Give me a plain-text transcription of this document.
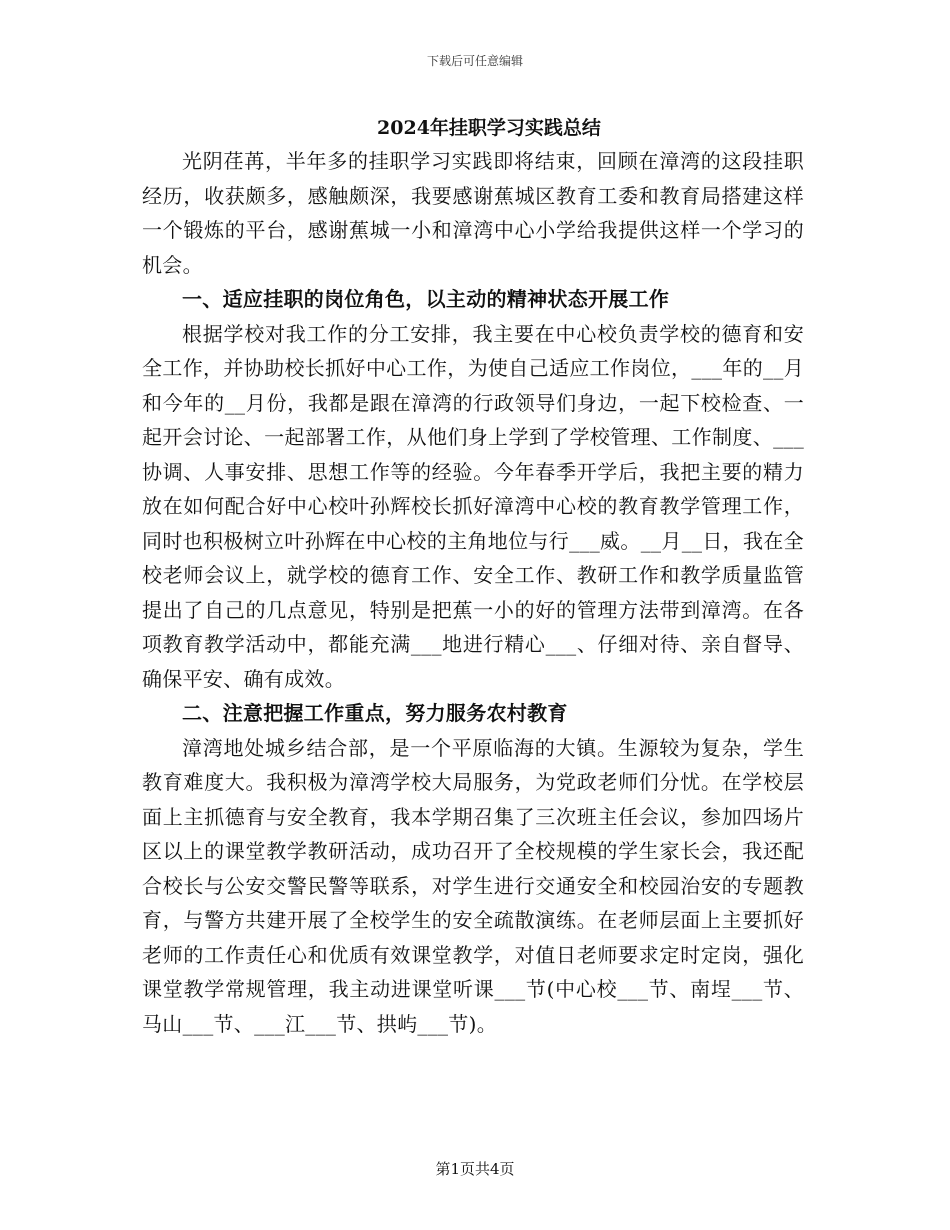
下载后可任意编辑
2024年挂职学习实践总结

光阴荏苒，半年多的挂职学习实践即将结束，回顾在漳湾的这段挂职经历，收获颇多，感触颇深，我要感谢蕉城区教育工委和教育局搭建这样一个锻炼的平台，感谢蕉城一小和漳湾中心小学给我提供这样一个学习的机会。

一、适应挂职的岗位角色，以主动的精神状态开展工作

根据学校对我工作的分工安排，我主要在中心校负责学校的德育和安全工作，并协助校长抓好中心工作，为使自己适应工作岗位，___年的__月和今年的__月份，我都是跟在漳湾的行政领导们身边，一起下校检查、一起开会讨论、一起部署工作，从他们身上学到了学校管理、工作制度、___协调、人事安排、思想工作等的经验。今年春季开学后，我把主要的精力放在如何配合好中心校叶孙辉校长抓好漳湾中心校的教育教学管理工作，同时也积极树立叶孙辉在中心校的主角地位与行___威。__月__日，我在全校老师会议上，就学校的德育工作、安全工作、教研工作和教学质量监管提出了自己的几点意见，特别是把蕉一小的好的管理方法带到漳湾。在各项教育教学活动中，都能充满___地进行精心___、仔细对待、亲自督导、确保平安、确有成效。

二、注意把握工作重点，努力服务农村教育

漳湾地处城乡结合部，是一个平原临海的大镇。生源较为复杂，学生教育难度大。我积极为漳湾学校大局服务，为党政老师们分忧。在学校层面上主抓德育与安全教育，我本学期召集了三次班主任会议，参加四场片区以上的课堂教学教研活动，成功召开了全校规模的学生家长会，我还配合校长与公安交警民警等联系，对学生进行交通安全和校园治安的专题教育，与警方共建开展了全校学生的安全疏散演练。在老师层面上主要抓好老师的工作责任心和优质有效课堂教学，对值日老师要求定时定岗，强化课堂教学常规管理，我主动进课堂听课___节(中心校___节、南埕___节、马山___节、___江___节、拱屿___节)。

第1页共4页
